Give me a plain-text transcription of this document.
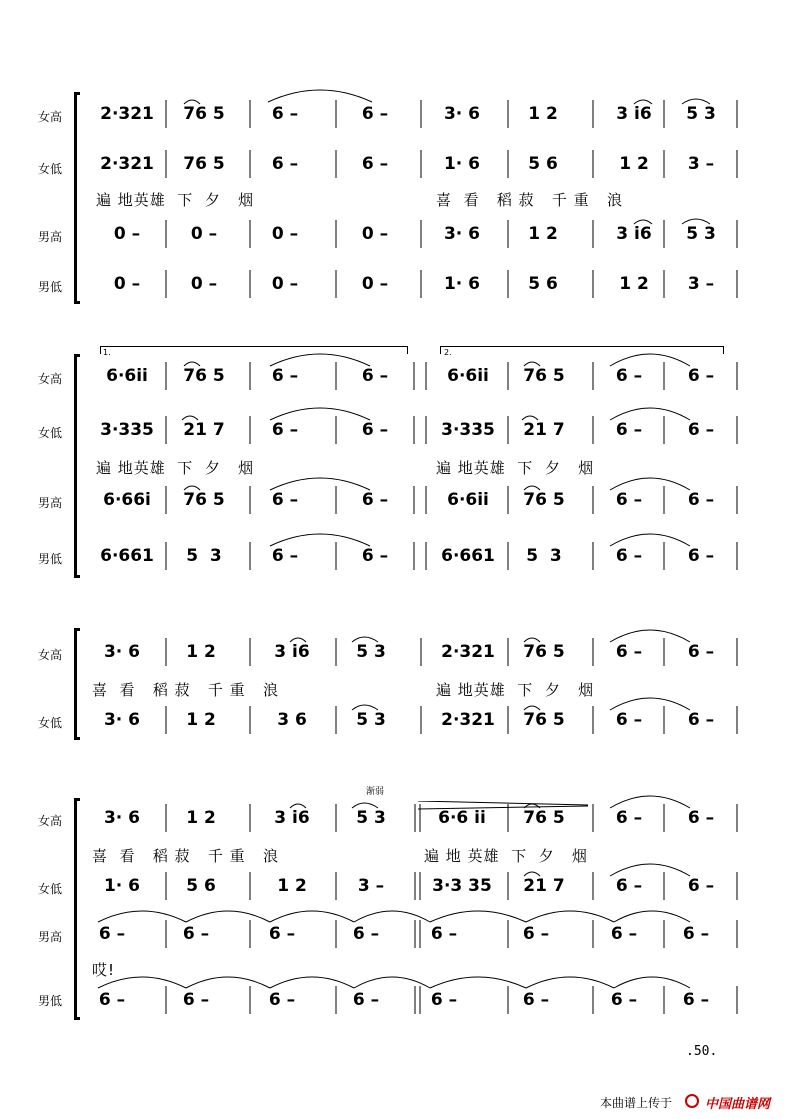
女高
女低
男高
男低
2·321	76 5	6 –	6 –	3· 6	1 2	3 i6	5 3
2·321	76 5	6 –	6 –	1· 6	5 6	1 2	3 –
遍 地英雄  下  夕   烟	喜  看   稻 菽   千 重   浪
0 –	0 –	0 –	0 –	3· 6	1 2	3 i6	5 3
0 –	0 –	0 –	0 –	1· 6	5 6	1 2	3 –
1.	2.
女高
女低
男高
男低
6·6ii	76 5	6 –	6 –	6·6ii	76 5	6 –	6 –
3·335	21 7	6 –	6 –	3·335	21 7	6 –	6 –
遍 地英雄  下  夕   烟	遍 地英雄  下  夕   烟
6·66i	76 5	6 –	6 –	6·6ii	76 5	6 –	6 –
6·661	5  3	6 –	6 –	6·661	5  3	6 –	6 –
女高
女低
3· 6	1 2	3 i6	5 3	2·321	76 5	6 –	6 –
喜  看   稻 菽   千 重   浪	遍 地英雄  下  夕   烟
3· 6	1 2	3 6	5 3	2·321	76 5	6 –	6 –
渐弱
女高
女低
男高
男低
3· 6	1 2	3 i6	5 3	6·6 ii	76 5	6 –	6 –
喜  看   稻 菽   千 重   浪	遍 地 英雄  下  夕   烟
1· 6	5 6	1 2	3 –	3·3 35	21 7	6 –	6 –
6 –	6 –	6 –	6 –	6 –	6 –	6 –	6 –
哎!
6 –	6 –	6 –	6 –	6 –	6 –	6 –	6 –
.50.
本曲谱上传于	中国曲谱网
